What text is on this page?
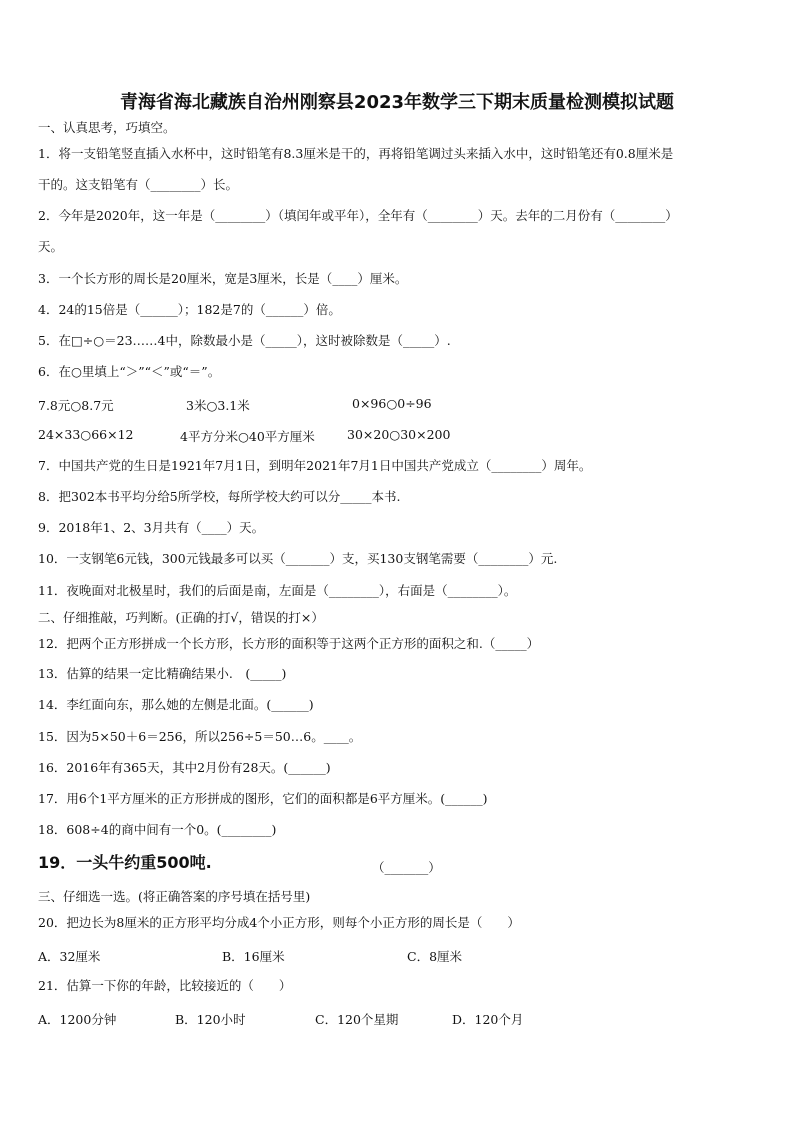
青海省海北藏族自治州刚察县2023年数学三下期末质量检测模拟试题
一、认真思考，巧填空。
1．将一支铅笔竖直插入水杯中，这时铅笔有8.3厘米是干的，再将铅笔调过头来插入水中，这时铅笔还有0.8厘米是
干的。这支铅笔有（________）长。
2．今年是2020年，这一年是（________）（填闰年或平年），全年有（________）天。去年的二月份有（________）
天。
3．一个长方形的周长是20厘米，宽是3厘米，长是（____）厘米。
4．24的15倍是（______）；182是7的（______）倍。
5．在□÷○＝23……4中，除数最小是（_____），这时被除数是（_____）.
6．在○里填上“＞”“＜”或“＝”。
7.8元○8.7元	3米○3.1米	0×96○0÷96
24×33○66×12	4平方分米○40平方厘米	30×20○30×200
7．中国共产党的生日是1921年7月1日，到明年2021年7月1日中国共产党成立（________）周年。
8．把302本书平均分给5所学校，每所学校大约可以分_____本书.
9．2018年1、2、3月共有（____）天。
10．一支钢笔6元钱，300元钱最多可以买（_______）支，买130支钢笔需要（________）元.
11．夜晚面对北极星时，我们的后面是南，左面是（________），右面是（________）。
二、仔细推敲，巧判断。(正确的打√，错误的打×）
12．把两个正方形拼成一个长方形，长方形的面积等于这两个正方形的面积之和.（_____）
13．估算的结果一定比精确结果小.　(_____)
14．李红面向东，那么她的左侧是北面。(______)
15．因为5×50＋6＝256，所以256÷5＝50…6。____。
16．2016年有365天，其中2月份有28天。(______)
17．用6个1平方厘米的正方形拼成的图形，它们的面积都是6平方厘米。(______)
18．608÷4的商中间有一个0。(________)
19．一头牛约重500吨.	（_______）
三、仔细选一选。(将正确答案的序号填在括号里)
20．把边长为8厘米的正方形平均分成4个小正方形，则每个小正方形的周长是（　　）
A．32厘米	B．16厘米	C．8厘米
21．估算一下你的年龄，比较接近的（　　）
A．1200分钟	B．120小时	C．120个星期	D．120个月
